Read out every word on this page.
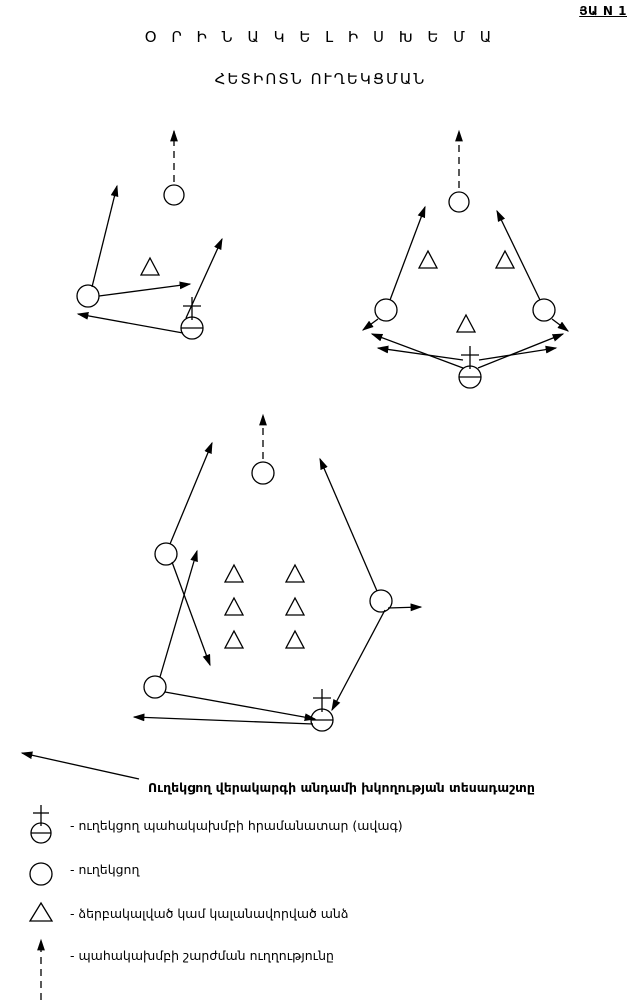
ՅԱ N 1
Օ Ր Ի Ն Ա Կ Ե Լ Ի Ս Խ Ե Մ Ա
ՀԵՏԻՈՏՆ ՈՒՂԵԿՑՄԱՆ
Ուղեկցող վերակարգի անդամի խկողության տեսադաշտը
- ուղեկցող պահակախմբի հրամանատար (ավագ)
- ուղեկցող
- ձերբակալված կամ կալանավորված անձ
- պահակախմբի շարժման ուղղությունը
